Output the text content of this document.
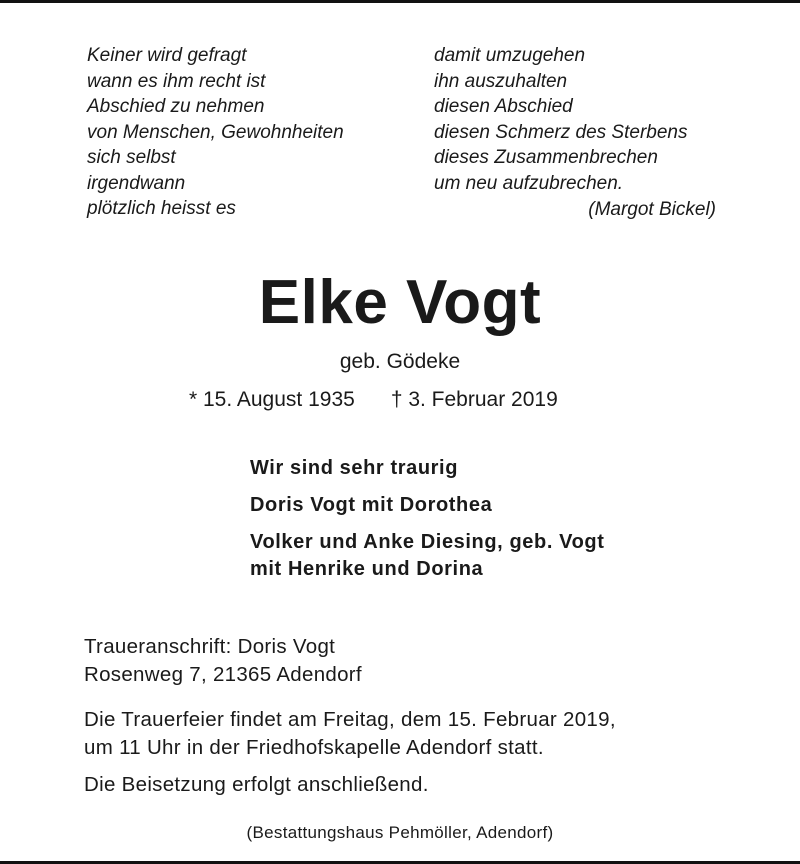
Keiner wird gefragt
wann es ihm recht ist
Abschied zu nehmen
von Menschen, Gewohnheiten
sich selbst
irgendwann
plötzlich heisst es
damit umzugehen
ihn auszuhalten
diesen Abschied
diesen Schmerz des Sterbens
dieses Zusammenbrechen
um neu aufzubrechen.
(Margot Bickel)
Elke Vogt
geb. Gödeke
* 15. August 1935 † 3. Februar 2019
Wir sind sehr traurig
Doris Vogt mit Dorothea
Volker und Anke Diesing, geb. Vogt
mit Henrike und Dorina
Traueranschrift: Doris Vogt
Rosenweg 7, 21365 Adendorf
Die Trauerfeier findet am Freitag, dem 15. Februar 2019,
um 11 Uhr in der Friedhofskapelle Adendorf statt.
Die Beisetzung erfolgt anschließend.
(Bestattungshaus Pehmöller, Adendorf)
